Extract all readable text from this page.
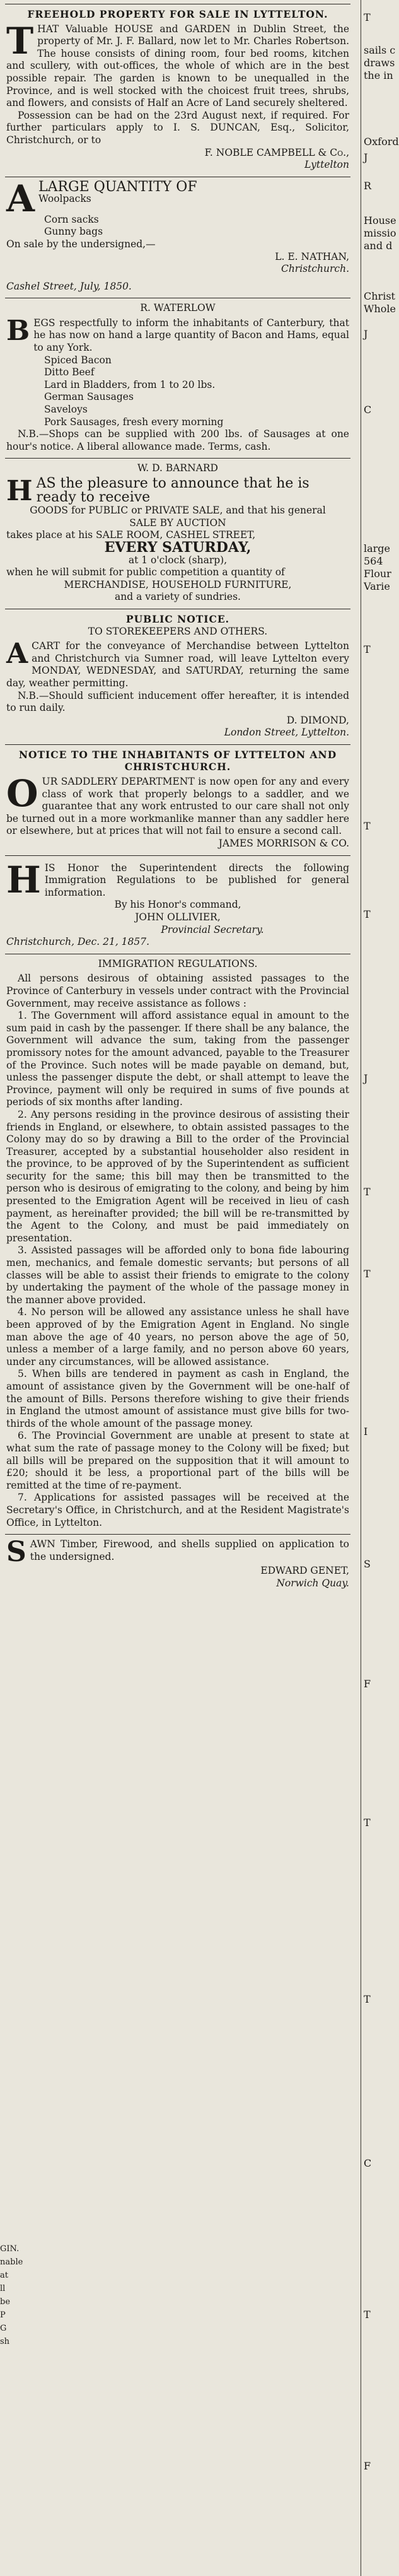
FREEHOLD PROPERTY FOR SALE IN LYTTELTON.
T HAT Valuable HOUSE and GARDEN in Dublin Street, the property of Mr. J. F. Ballard, now let to Mr. Charles Robertson. The house consists of dining room, four bed rooms, kitchen and scullery, with out-offices, the whole of which are in the best possible repair. The garden is known to be unequalled in the Province, and is well stocked with the choicest fruit trees, shrubs, and flowers, and consists of Half an Acre of Land securely sheltered.

Possession can be had on the 23rd August next, if required. For further particulars apply to I. S. DUNCAN, Esq., Solicitor, Christchurch, or to

F. NOBLE CAMPBELL & Co.,

Lyttelton

A LARGE QUANTITY OF
Woolpacks
Corn sacks
Gunny bags

On sale by the undersigned,—

L. E. NATHAN,

Christchurch.

Cashel Street, July, 1850.

R. WATERLOW
B EGS respectfully to inform the inhabitants of Canterbury, that he has now on hand a large quantity of Bacon and Hams, equal to any York.
Spiced Bacon
Ditto Beef
Lard in Bladders, from 1 to 20 lbs.
German Sausages
Saveloys
Pork Sausages, fresh every morning

N.B.—Shops can be supplied with 200 lbs. of Sausages at one hour's notice. A liberal allowance made. Terms, cash.

W. D. BARNARD
H AS the pleasure to announce that he is ready to receive
GOODS for PUBLIC or PRIVATE SALE, and that his general
SALE BY AUCTION
takes place at his SALE ROOM, CASHEL STREET,
EVERY SATURDAY,
at 1 o'clock (sharp),
when he will submit for public competition a quantity of
MERCHANDISE, HOUSEHOLD FURNITURE,
and a variety of sundries.
PUBLIC NOTICE.
TO STOREKEEPERS AND OTHERS.
A CART for the conveyance of Merchandise between Lyttelton and Christchurch via Sumner road, will leave Lyttelton every MONDAY, WEDNESDAY, and SATURDAY, returning the same day, weather permitting.

N.B.—Should sufficient inducement offer hereafter, it is intended to run daily.

D. DIMOND,

London Street, Lyttelton.

NOTICE TO THE INHABITANTS OF LYTTELTON AND CHRISTCHURCH.
O UR SADDLERY DEPARTMENT is now open for any and every class of work that properly belongs to a saddler, and we guarantee that any work entrusted to our care shall not only be turned out in a more workmanlike manner than any saddler here or elsewhere, but at prices that will not fail to ensure a second call.

JAMES MORRISON & CO.

H IS Honor the Superintendent directs the following Immigration Regulations to be published for general information.

By his Honor's command,

JOHN OLLIVIER,

Provincial Secretary.

Christchurch, Dec. 21, 1857.

IMMIGRATION REGULATIONS.

All persons desirous of obtaining assisted passages to the Province of Canterbury in vessels under contract with the Provincial Government, may receive assistance as follows :

1. The Government will afford assistance equal in amount to the sum paid in cash by the passenger. If there shall be any balance, the Government will advance the sum, taking from the passenger promissory notes for the amount advanced, payable to the Treasurer of the Province. Such notes will be made payable on demand, but, unless the passenger dispute the debt, or shall attempt to leave the Province, payment will only be required in sums of five pounds at periods of six months after landing.

2. Any persons residing in the province desirous of assisting their friends in England, or elsewhere, to obtain assisted passages to the Colony may do so by drawing a Bill to the order of the Provincial Treasurer, accepted by a substantial householder also resident in the province, to be approved of by the Superintendent as sufficient security for the same; this bill may then be transmitted to the person who is desirous of emigrating to the colony, and being by him presented to the Emigration Agent will be received in lieu of cash payment, as hereinafter provided; the bill will be re-transmitted by the Agent to the Colony, and must be paid immediately on presentation.

3. Assisted passages will be afforded only to bona fide labouring men, mechanics, and female domestic servants; but persons of all classes will be able to assist their friends to emigrate to the colony by undertaking the payment of the whole of the passage money in the manner above provided.

4. No person will be allowed any assistance unless he shall have been approved of by the Emigration Agent in England. No single man above the age of 40 years, no person above the age of 50, unless a member of a large family, and no person above 60 years, under any circumstances, will be allowed assistance.

5. When bills are tendered in payment as cash in England, the amount of assistance given by the Government will be one-half of the amount of Bills. Persons therefore wishing to give their friends in England the utmost amount of assistance must give bills for two-thirds of the whole amount of the passage money.

6. The Provincial Government are unable at present to state at what sum the rate of passage money to the Colony will be fixed; but all bills will be prepared on the supposition that it will amount to £20; should it be less, a proportional part of the bills will be remitted at the time of re-payment.

7. Applications for assisted passages will be received at the Secretary's Office, in Christchurch, and at the Resident Magistrate's Office, in Lyttelton.

S AWN Timber, Firewood, and shells supplied on application to the undersigned.

EDWARD GENET,

Norwich Quay.

T
sails c
draws
the in
Oxford
J
R
House
missio
and d
Christ
Whole
J
C
large
564
Flour
Varie
T
T
T
J
T
T
I
S
F
T
T
C
T
F
GIN.
nable at
ll be
P G
sh
